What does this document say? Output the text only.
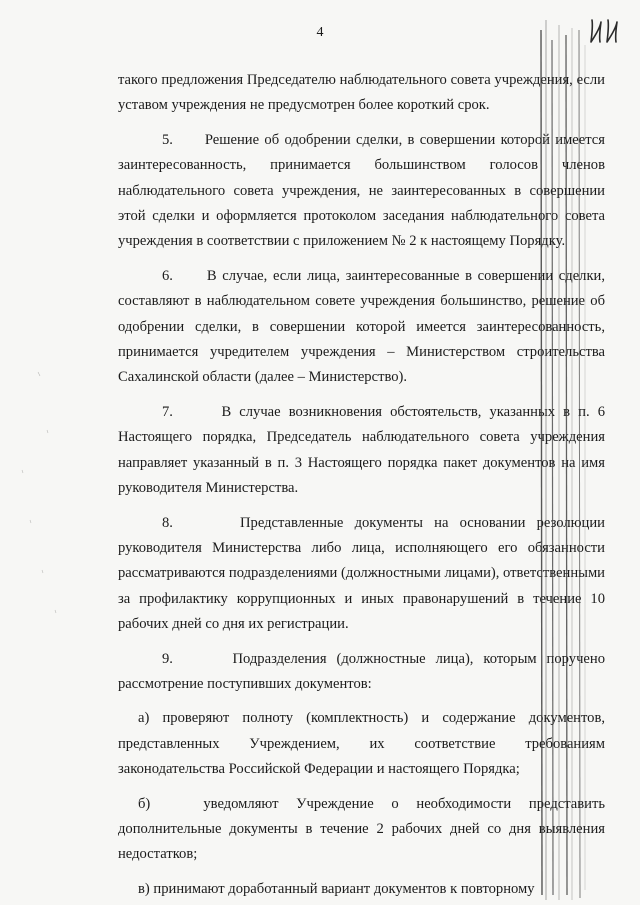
4

такого предложения Председателю наблюдательного совета учреждения, если уставом учреждения не предусмотрен более короткий срок.

5.      Решение об одобрении сделки, в совершении которой имеется заинтересованность, принимается большинством голосов членов наблюдательного совета учреждения, не заинтересованных в совершении этой сделки и оформляется протоколом заседания наблюдательного совета учреждения в соответствии с приложением № 2 к настоящему Порядку.

6.      В случае, если лица, заинтересованные в совершении сделки, составляют в наблюдательном совете учреждения большинство, решение об одобрении сделки, в совершении которой имеется заинтересованность, принимается учредителем учреждения – Министерством строительства Сахалинской области (далее – Министерство).

7.      В случае возникновения обстоятельств, указанных в п. 6 Настоящего порядка, Председатель наблюдательного совета учреждения направляет указанный в п. 3 Настоящего порядка пакет документов на имя руководителя Министерства.

8.      Представленные документы на основании резолюции руководителя Министерства либо лица, исполняющего его обязанности рассматриваются подразделениями (должностными лицами), ответственными за профилактику коррупционных и иных правонарушений в течение 10 рабочих дней со дня их регистрации.

9.      Подразделения (должностные лица), которым поручено рассмотрение поступивших документов:

а) проверяют полноту (комплектность) и содержание документов, представленных Учреждением, их соответствие требованиям законодательства Российской Федерации и настоящего Порядка;

б)   уведомляют Учреждение о необходимости представить дополнительные документы в течение 2 рабочих дней со дня выявления недостатков;

в) принимают доработанный вариант документов к повторному
